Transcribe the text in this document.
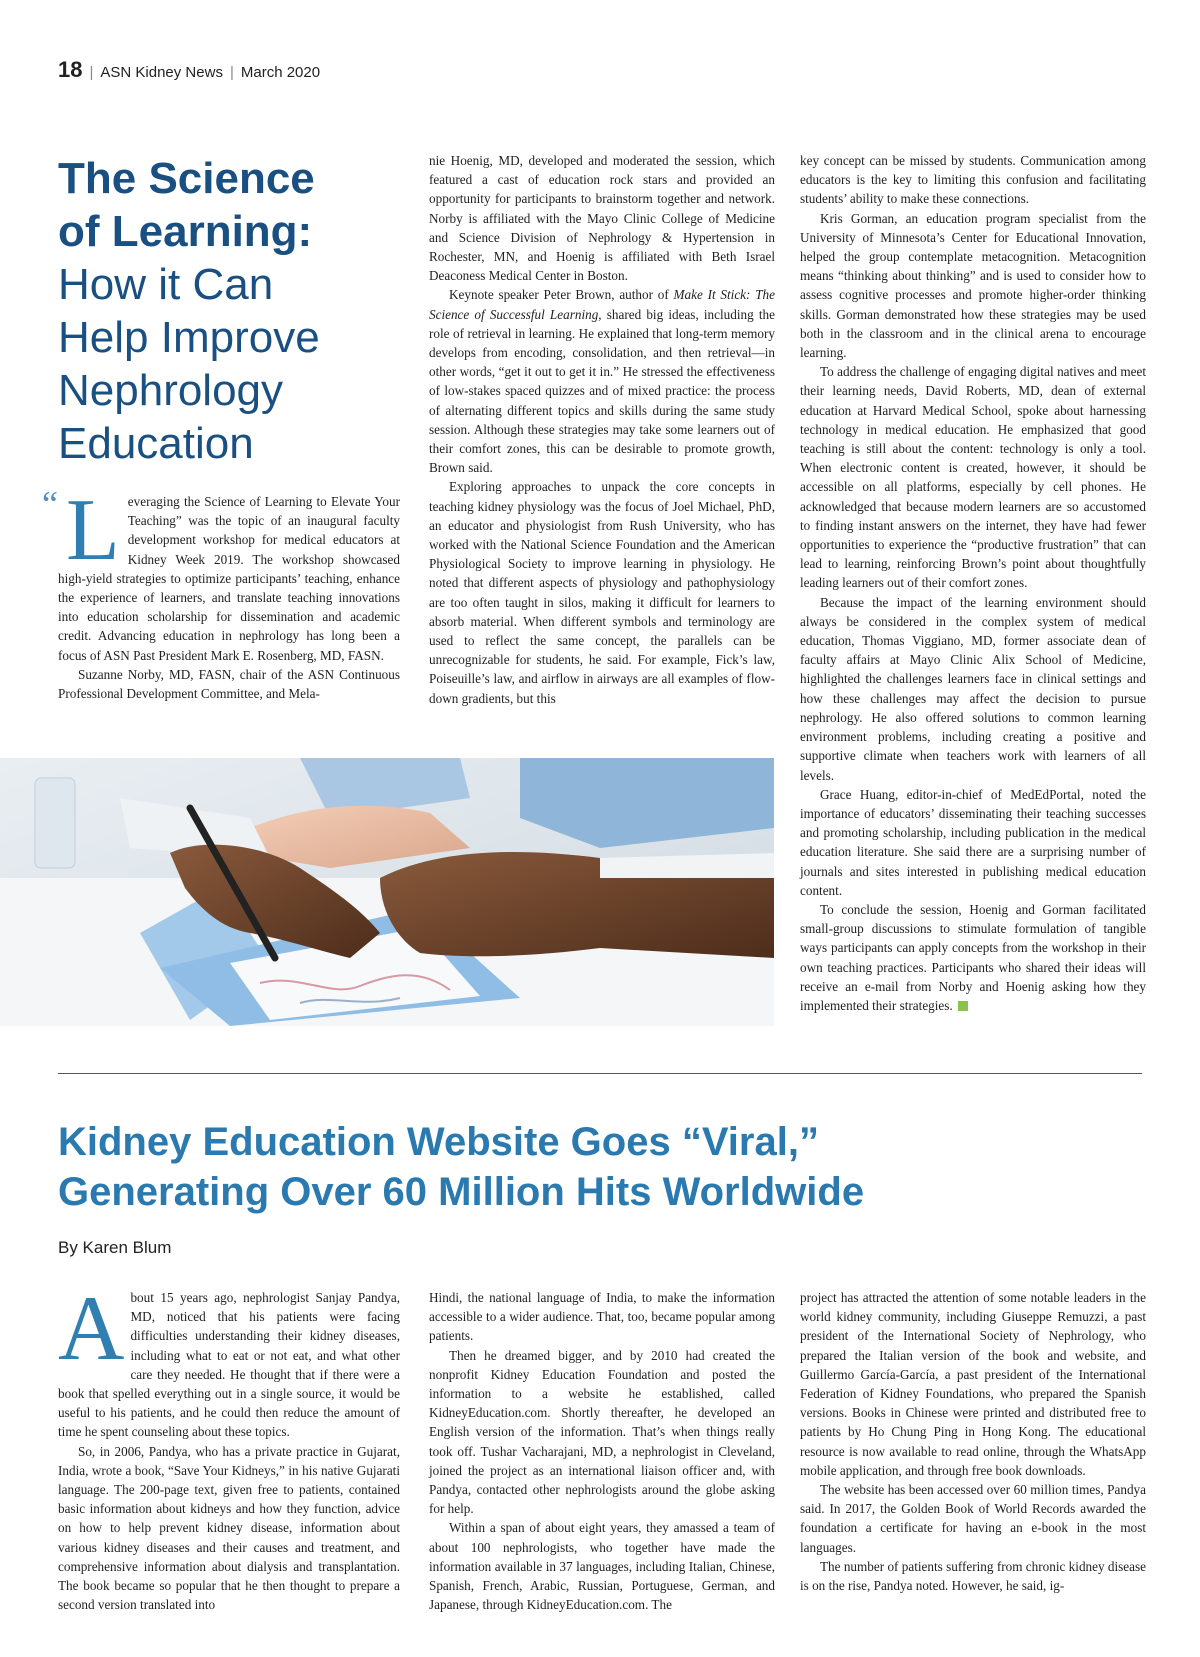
18 | ASN Kidney News | March 2020
The Science
of Learning:
How it Can
Help Improve
Nephrology
Education
“ Leveraging the Science of Learning to Elevate Your Teaching” was the topic of an inaugural faculty development workshop for medical educators at Kidney Week 2019. The workshop showcased high-yield strategies to optimize participants’ teaching, enhance the experience of learners, and translate teaching innovations into education scholarship for dissemination and academic credit. Advancing education in nephrology has long been a focus of ASN Past President Mark E. Rosenberg, MD, FASN.

Suzanne Norby, MD, FASN, chair of the ASN Continuous Professional Development Committee, and Mela-

nie Hoenig, MD, developed and moderated the session, which featured a cast of education rock stars and provided an opportunity for participants to brainstorm together and network. Norby is affiliated with the Mayo Clinic College of Medicine and Science Division of Nephrology & Hypertension in Rochester, MN, and Hoenig is affiliated with Beth Israel Deaconess Medical Center in Boston.

Keynote speaker Peter Brown, author of Make It Stick: The Science of Successful Learning, shared big ideas, including the role of retrieval in learning. He explained that long-term memory develops from encoding, consolidation, and then retrieval—in other words, “get it out to get it in.” He stressed the effectiveness of low-stakes spaced quizzes and of mixed practice: the process of alternating different topics and skills during the same study session. Although these strategies may take some learners out of their comfort zones, this can be desirable to promote growth, Brown said.

Exploring approaches to unpack the core concepts in teaching kidney physiology was the focus of Joel Michael, PhD, an educator and physiologist from Rush University, who has worked with the National Science Foundation and the American Physiological Society to improve learning in physiology. He noted that different aspects of physiology and pathophysiology are too often taught in silos, making it difficult for learners to absorb material. When different symbols and terminology are used to reflect the same concept, the parallels can be unrecognizable for students, he said. For example, Fick’s law, Poiseuille’s law, and airflow in airways are all examples of flow-down gradients, but this

key concept can be missed by students. Communication among educators is the key to limiting this confusion and facilitating students’ ability to make these connections.

Kris Gorman, an education program specialist from the University of Minnesota’s Center for Educational Innovation, helped the group contemplate metacognition. Metacognition means “thinking about thinking” and is used to consider how to assess cognitive processes and promote higher-order thinking skills. Gorman demonstrated how these strategies may be used both in the classroom and in the clinical arena to encourage learning.

To address the challenge of engaging digital natives and meet their learning needs, David Roberts, MD, dean of external education at Harvard Medical School, spoke about harnessing technology in medical education. He emphasized that good teaching is still about the content: technology is only a tool. When electronic content is created, however, it should be accessible on all platforms, especially by cell phones. He acknowledged that because modern learners are so accustomed to finding instant answers on the internet, they have had fewer opportunities to experience the “productive frustration” that can lead to learning, reinforcing Brown’s point about thoughtfully leading learners out of their comfort zones.

Because the impact of the learning environment should always be considered in the complex system of medical education, Thomas Viggiano, MD, former associate dean of faculty affairs at Mayo Clinic Alix School of Medicine, highlighted the challenges learners face in clinical settings and how these challenges may affect the decision to pursue nephrology. He also offered solutions to common learning environment problems, including creating a positive and supportive climate when teachers work with learners of all levels.

Grace Huang, editor-in-chief of MedEdPortal, noted the importance of educators’ disseminating their teaching successes and promoting scholarship, including publication in the medical education literature. She said there are a surprising number of journals and sites interested in publishing medical education content.

To conclude the session, Hoenig and Gorman facilitated small-group discussions to stimulate formulation of tangible ways participants can apply concepts from the workshop in their own teaching practices. Participants who shared their ideas will receive an e-mail from Norby and Hoenig asking how they implemented their strategies.

Kidney Education Website Goes “Viral,”
Generating Over 60 Million Hits Worldwide
By Karen Blum

About 15 years ago, nephrologist Sanjay Pandya, MD, noticed that his patients were facing difficulties understanding their kidney diseases, including what to eat or not eat, and what other care they needed. He thought that if there were a book that spelled everything out in a single source, it would be useful to his patients, and he could then reduce the amount of time he spent counseling about these topics.

So, in 2006, Pandya, who has a private practice in Gujarat, India, wrote a book, “Save Your Kidneys,” in his native Gujarati language. The 200-page text, given free to patients, contained basic information about kidneys and how they function, advice on how to help prevent kidney disease, information about various kidney diseases and their causes and treatment, and comprehensive information about dialysis and transplantation. The book became so popular that he then thought to prepare a second version translated into

Hindi, the national language of India, to make the information accessible to a wider audience. That, too, became popular among patients.

Then he dreamed bigger, and by 2010 had created the nonprofit Kidney Education Foundation and posted the information to a website he established, called KidneyEducation.com. Shortly thereafter, he developed an English version of the information. That’s when things really took off. Tushar Vacharajani, MD, a nephrologist in Cleveland, joined the project as an international liaison officer and, with Pandya, contacted other nephrologists around the globe asking for help.

Within a span of about eight years, they amassed a team of about 100 nephrologists, who together have made the information available in 37 languages, including Italian, Chinese, Spanish, French, Arabic, Russian, Portuguese, German, and Japanese, through KidneyEducation.com. The

project has attracted the attention of some notable leaders in the world kidney community, including Giuseppe Remuzzi, a past president of the International Society of Nephrology, who prepared the Italian version of the book and website, and Guillermo García-García, a past president of the International Federation of Kidney Foundations, who prepared the Spanish versions. Books in Chinese were printed and distributed free to patients by Ho Chung Ping in Hong Kong. The educational resource is now available to read online, through the WhatsApp mobile application, and through free book downloads.

The website has been accessed over 60 million times, Pandya said. In 2017, the Golden Book of World Records awarded the foundation a certificate for having an e-book in the most languages.

The number of patients suffering from chronic kidney disease is on the rise, Pandya noted. However, he said, ig-
